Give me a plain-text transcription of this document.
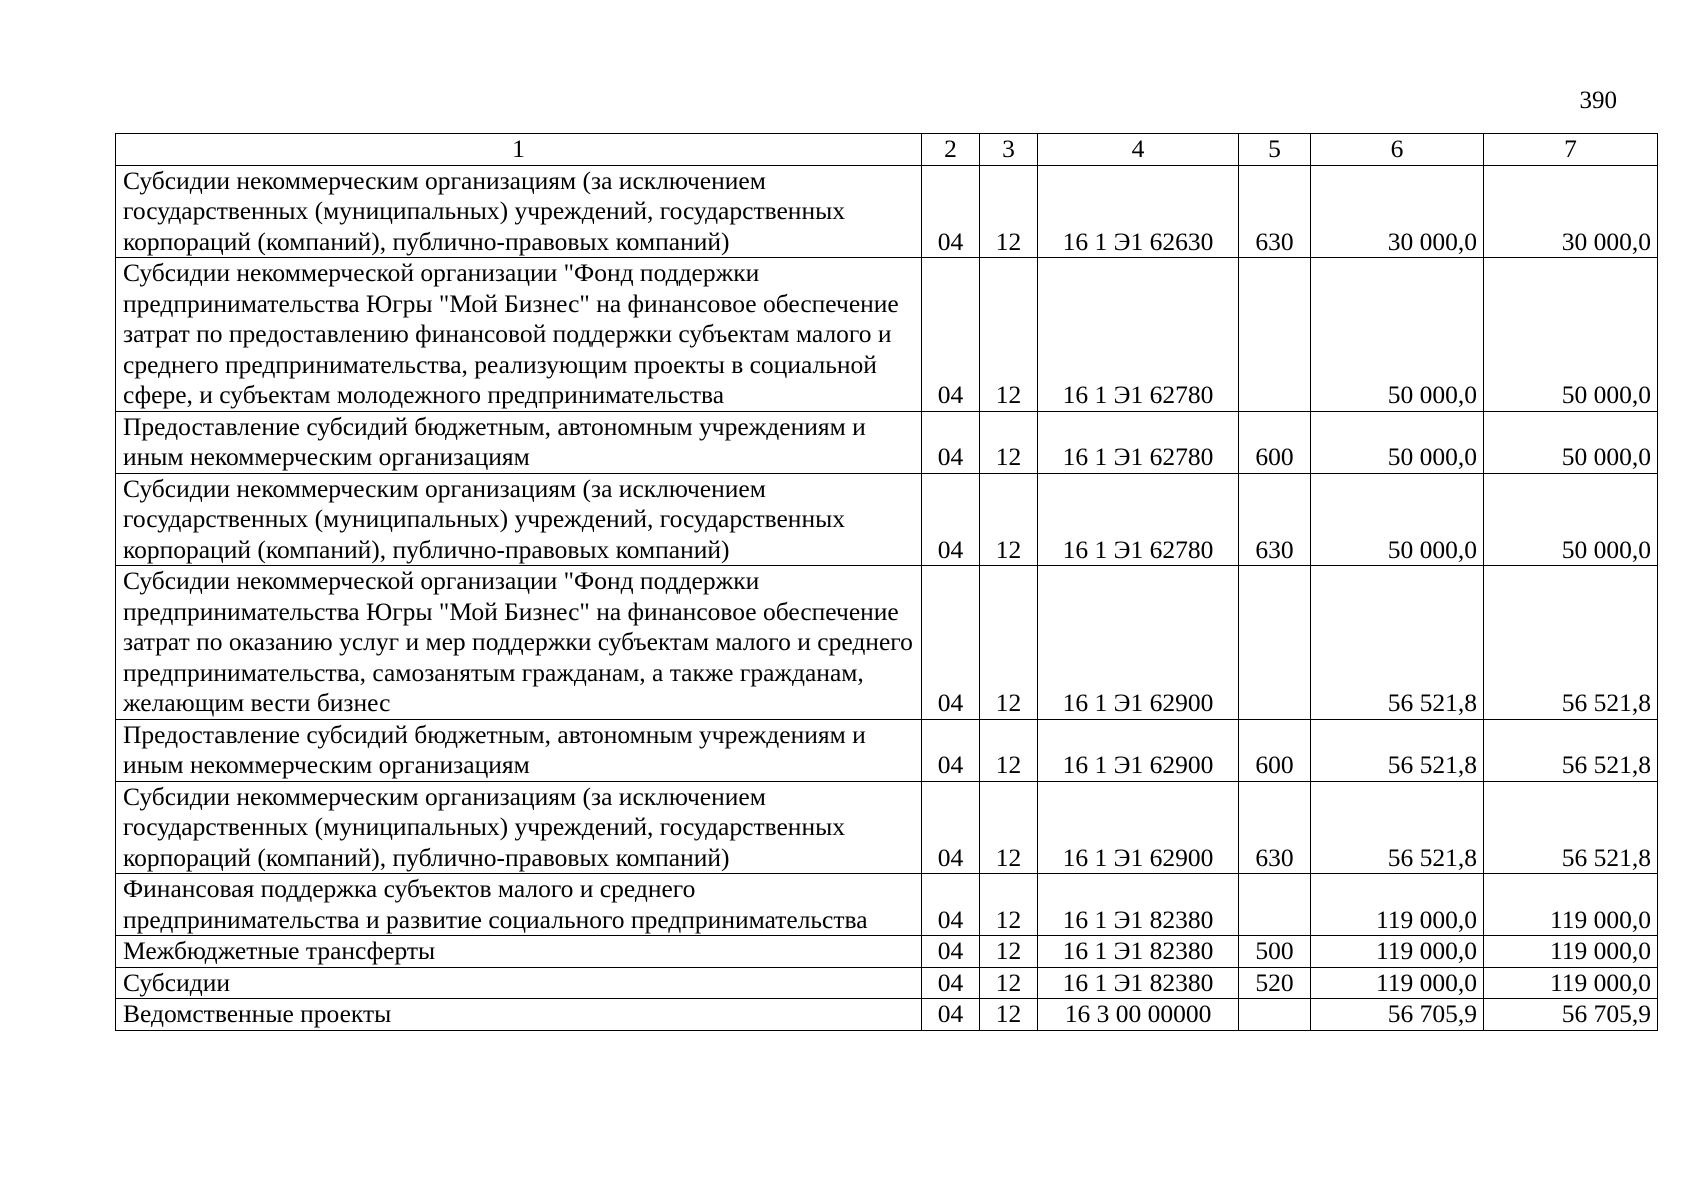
390
1	2	3	4	5	6	7
Субсидии некоммерческим организациям (за исключением государственных (муниципальных) учреждений, государственных корпораций (компаний), публично-правовых компаний)	04	12	16 1 Э1 62630	630	30 000,0	30 000,0
Субсидии некоммерческой организации "Фонд поддержки предпринимательства Югры "Мой Бизнес" на финансовое обеспечение затрат по предоставлению финансовой поддержки субъектам малого и среднего предпринимательства, реализующим проекты в социальной сфере, и субъектам молодежного предпринимательства	04	12	16 1 Э1 62780		50 000,0	50 000,0
Предоставление субсидий бюджетным, автономным учреждениям и иным некоммерческим организациям	04	12	16 1 Э1 62780	600	50 000,0	50 000,0
Субсидии некоммерческим организациям (за исключением государственных (муниципальных) учреждений, государственных корпораций (компаний), публично-правовых компаний)	04	12	16 1 Э1 62780	630	50 000,0	50 000,0
Субсидии некоммерческой организации "Фонд поддержки предпринимательства Югры "Мой Бизнес" на финансовое обеспечение затрат по оказанию услуг и мер поддержки субъектам малого и среднего предпринимательства, самозанятым гражданам, а также гражданам, желающим вести бизнес	04	12	16 1 Э1 62900		56 521,8	56 521,8
Предоставление субсидий бюджетным, автономным учреждениям и иным некоммерческим организациям	04	12	16 1 Э1 62900	600	56 521,8	56 521,8
Субсидии некоммерческим организациям (за исключением государственных (муниципальных) учреждений, государственных корпораций (компаний), публично-правовых компаний)	04	12	16 1 Э1 62900	630	56 521,8	56 521,8
Финансовая поддержка субъектов малого и среднего предпринимательства и развитие социального предпринимательства	04	12	16 1 Э1 82380		119 000,0	119 000,0
Межбюджетные трансферты	04	12	16 1 Э1 82380	500	119 000,0	119 000,0
Субсидии	04	12	16 1 Э1 82380	520	119 000,0	119 000,0
Ведомственные проекты	04	12	16 3 00 00000		56 705,9	56 705,9
